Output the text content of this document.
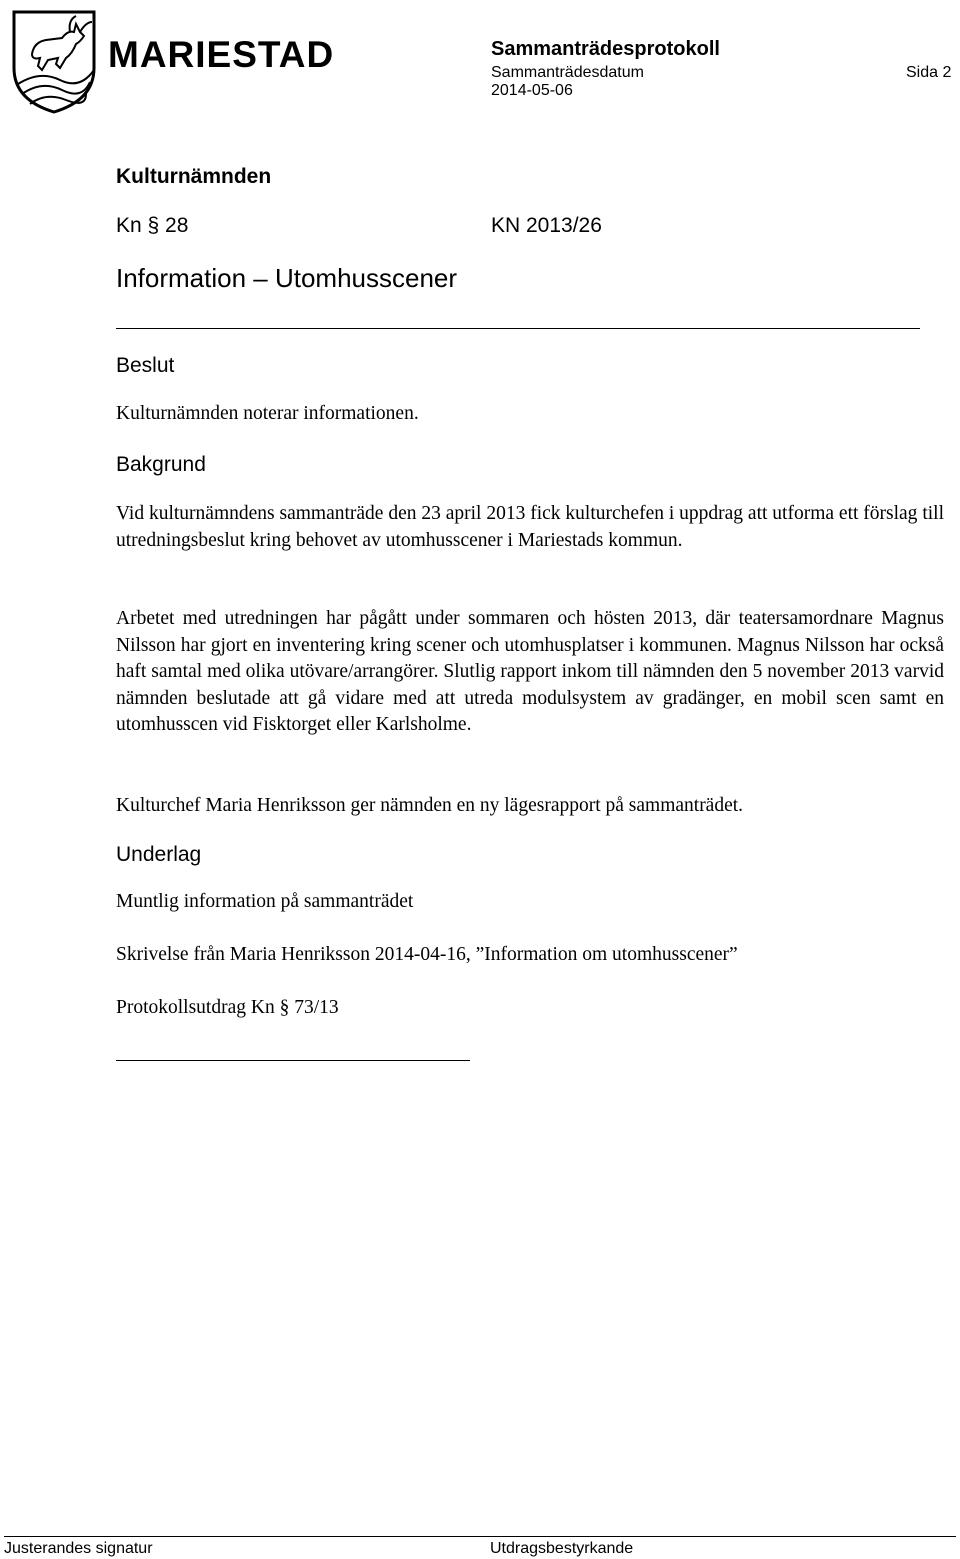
MARIESTAD	Sammanträdesprotokoll
Sammanträdesdatum	Sida 2
2014-05-06
Kulturnämnden
Kn § 28	KN 2013/26
Information – Utomhusscener
Beslut
Kulturnämnden noterar informationen.
Bakgrund
Vid kulturnämndens sammanträde den 23 april 2013 fick kulturchefen i uppdrag att utforma ett förslag till utredningsbeslut kring behovet av utomhusscener i Mariestads kommun.
Arbetet med utredningen har pågått under sommaren och hösten 2013, där teatersamordnare Magnus Nilsson har gjort en inventering kring scener och utomhusplatser i kommunen. Magnus Nilsson har också haft samtal med olika utövare/arrangörer. Slutlig rapport inkom till nämnden den 5 november 2013 varvid nämnden beslutade att gå vidare med att utreda modulsystem av gradänger, en mobil scen samt en utomhusscen vid Fisktorget eller Karlsholme.
Kulturchef Maria Henriksson ger nämnden en ny lägesrapport på sammanträdet.
Underlag
Muntlig information på sammanträdet
Skrivelse från Maria Henriksson 2014-04-16, ”Information om utomhusscener”
Protokollsutdrag Kn § 73/13
Justerandes signatur	Utdragsbestyrkande
